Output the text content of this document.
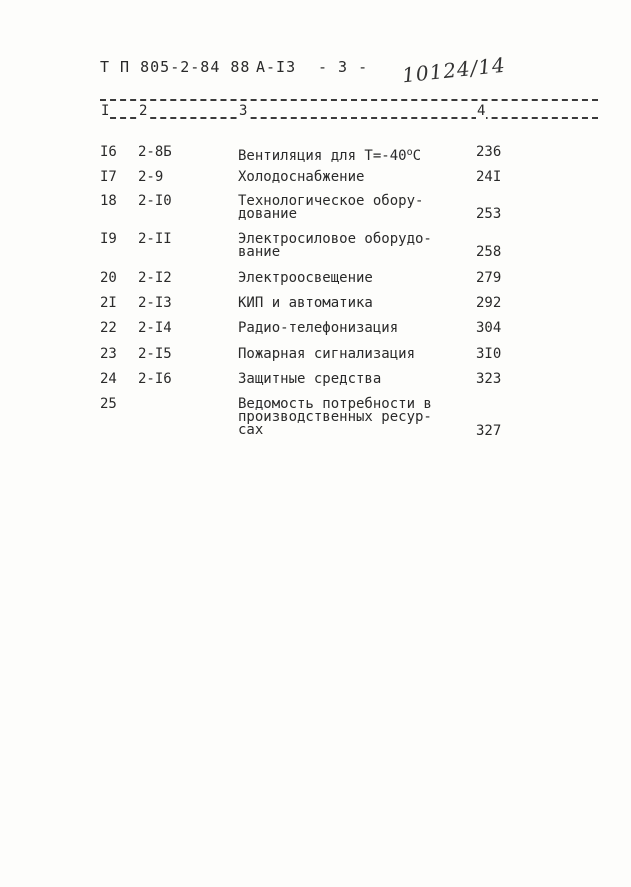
Т П 805-2-84 88 А-I3 - 3 - 10124/14
I 2	3	4
I6 2-8Б	Вентиляция для $Т=-40^оС$	236
I7 2-9	Холодоснабжение	24I
18 2-I0	Технологическое обору-
дование	253
I9 2-II	Электросиловое оборудо-
вание	258
20 2-I2	Электроосвещение	279
2I 2-I3	КИП и автоматика	292
22 2-I4	Радио-телефонизация	304
23 2-I5	Пожарная сигнализация	3I0
24 2-I6	Защитные средства	323
25	Ведомость потребности в
производственных ресур-
сах	327
